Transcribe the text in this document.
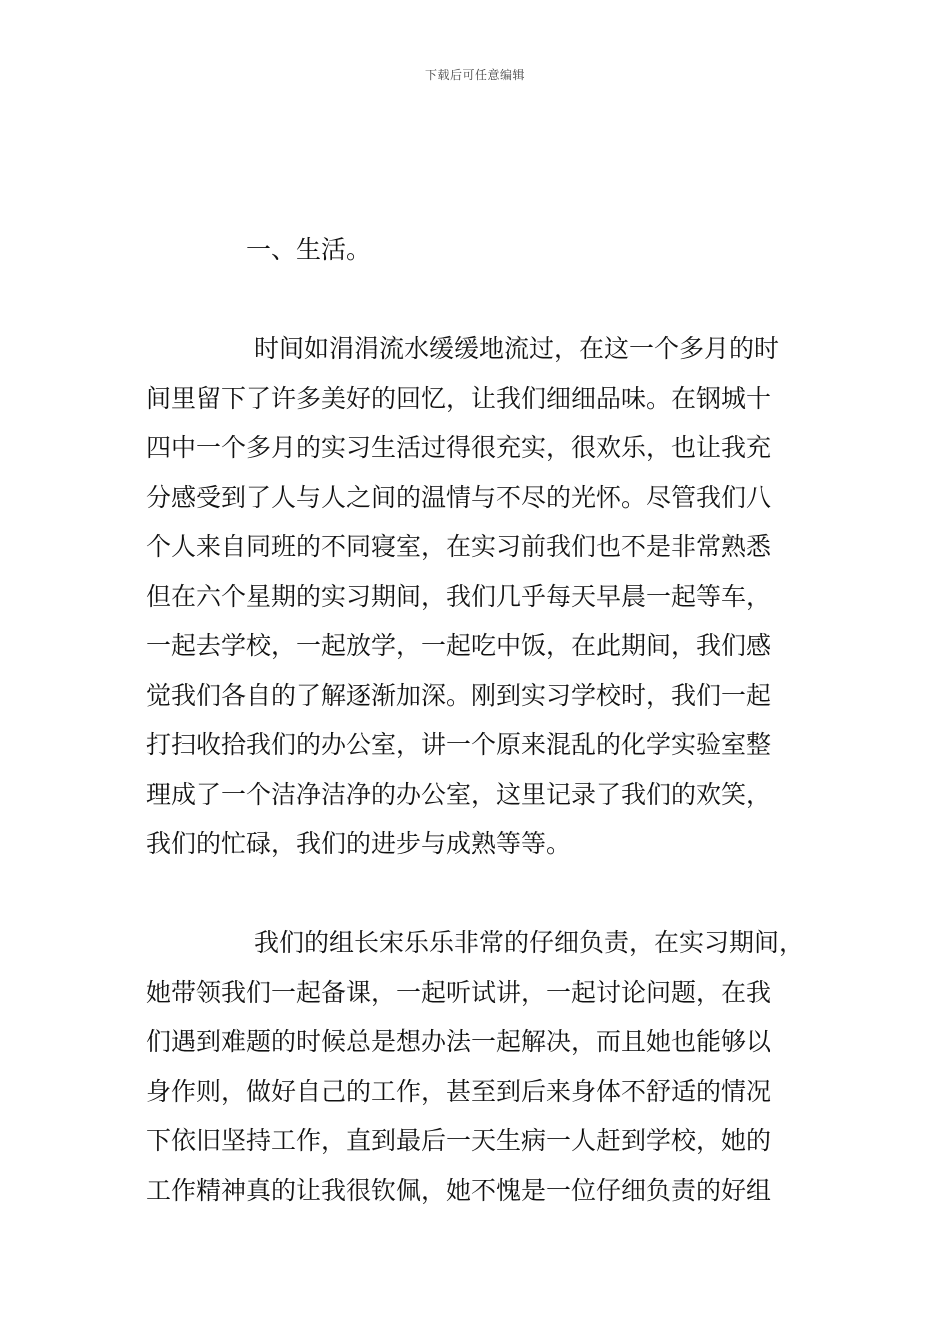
下载后可任意编辑
一、生活。
时间如涓涓流水缓缓地流过，在这一个多月的时
间里留下了许多美好的回忆，让我们细细品味。在钢城十
四中一个多月的实习生活过得很充实，很欢乐，也让我充
分感受到了人与人之间的温情与不尽的光怀。尽管我们八
个人来自同班的不同寝室，在实习前我们也不是非常熟悉
但在六个星期的实习期间，我们几乎每天早晨一起等车，
一起去学校，一起放学，一起吃中饭，在此期间，我们感
觉我们各自的了解逐渐加深。刚到实习学校时，我们一起
打扫收拾我们的办公室，讲一个原来混乱的化学实验室整
理成了一个洁净洁净的办公室，这里记录了我们的欢笑，
我们的忙碌，我们的进步与成熟等等。
我们的组长宋乐乐非常的仔细负责，在实习期间，
她带领我们一起备课，一起听试讲，一起讨论问题，在我
们遇到难题的时候总是想办法一起解决，而且她也能够以
身作则，做好自己的工作，甚至到后来身体不舒适的情况
下依旧坚持工作，直到最后一天生病一人赶到学校，她的
工作精神真的让我很钦佩，她不愧是一位仔细负责的好组
